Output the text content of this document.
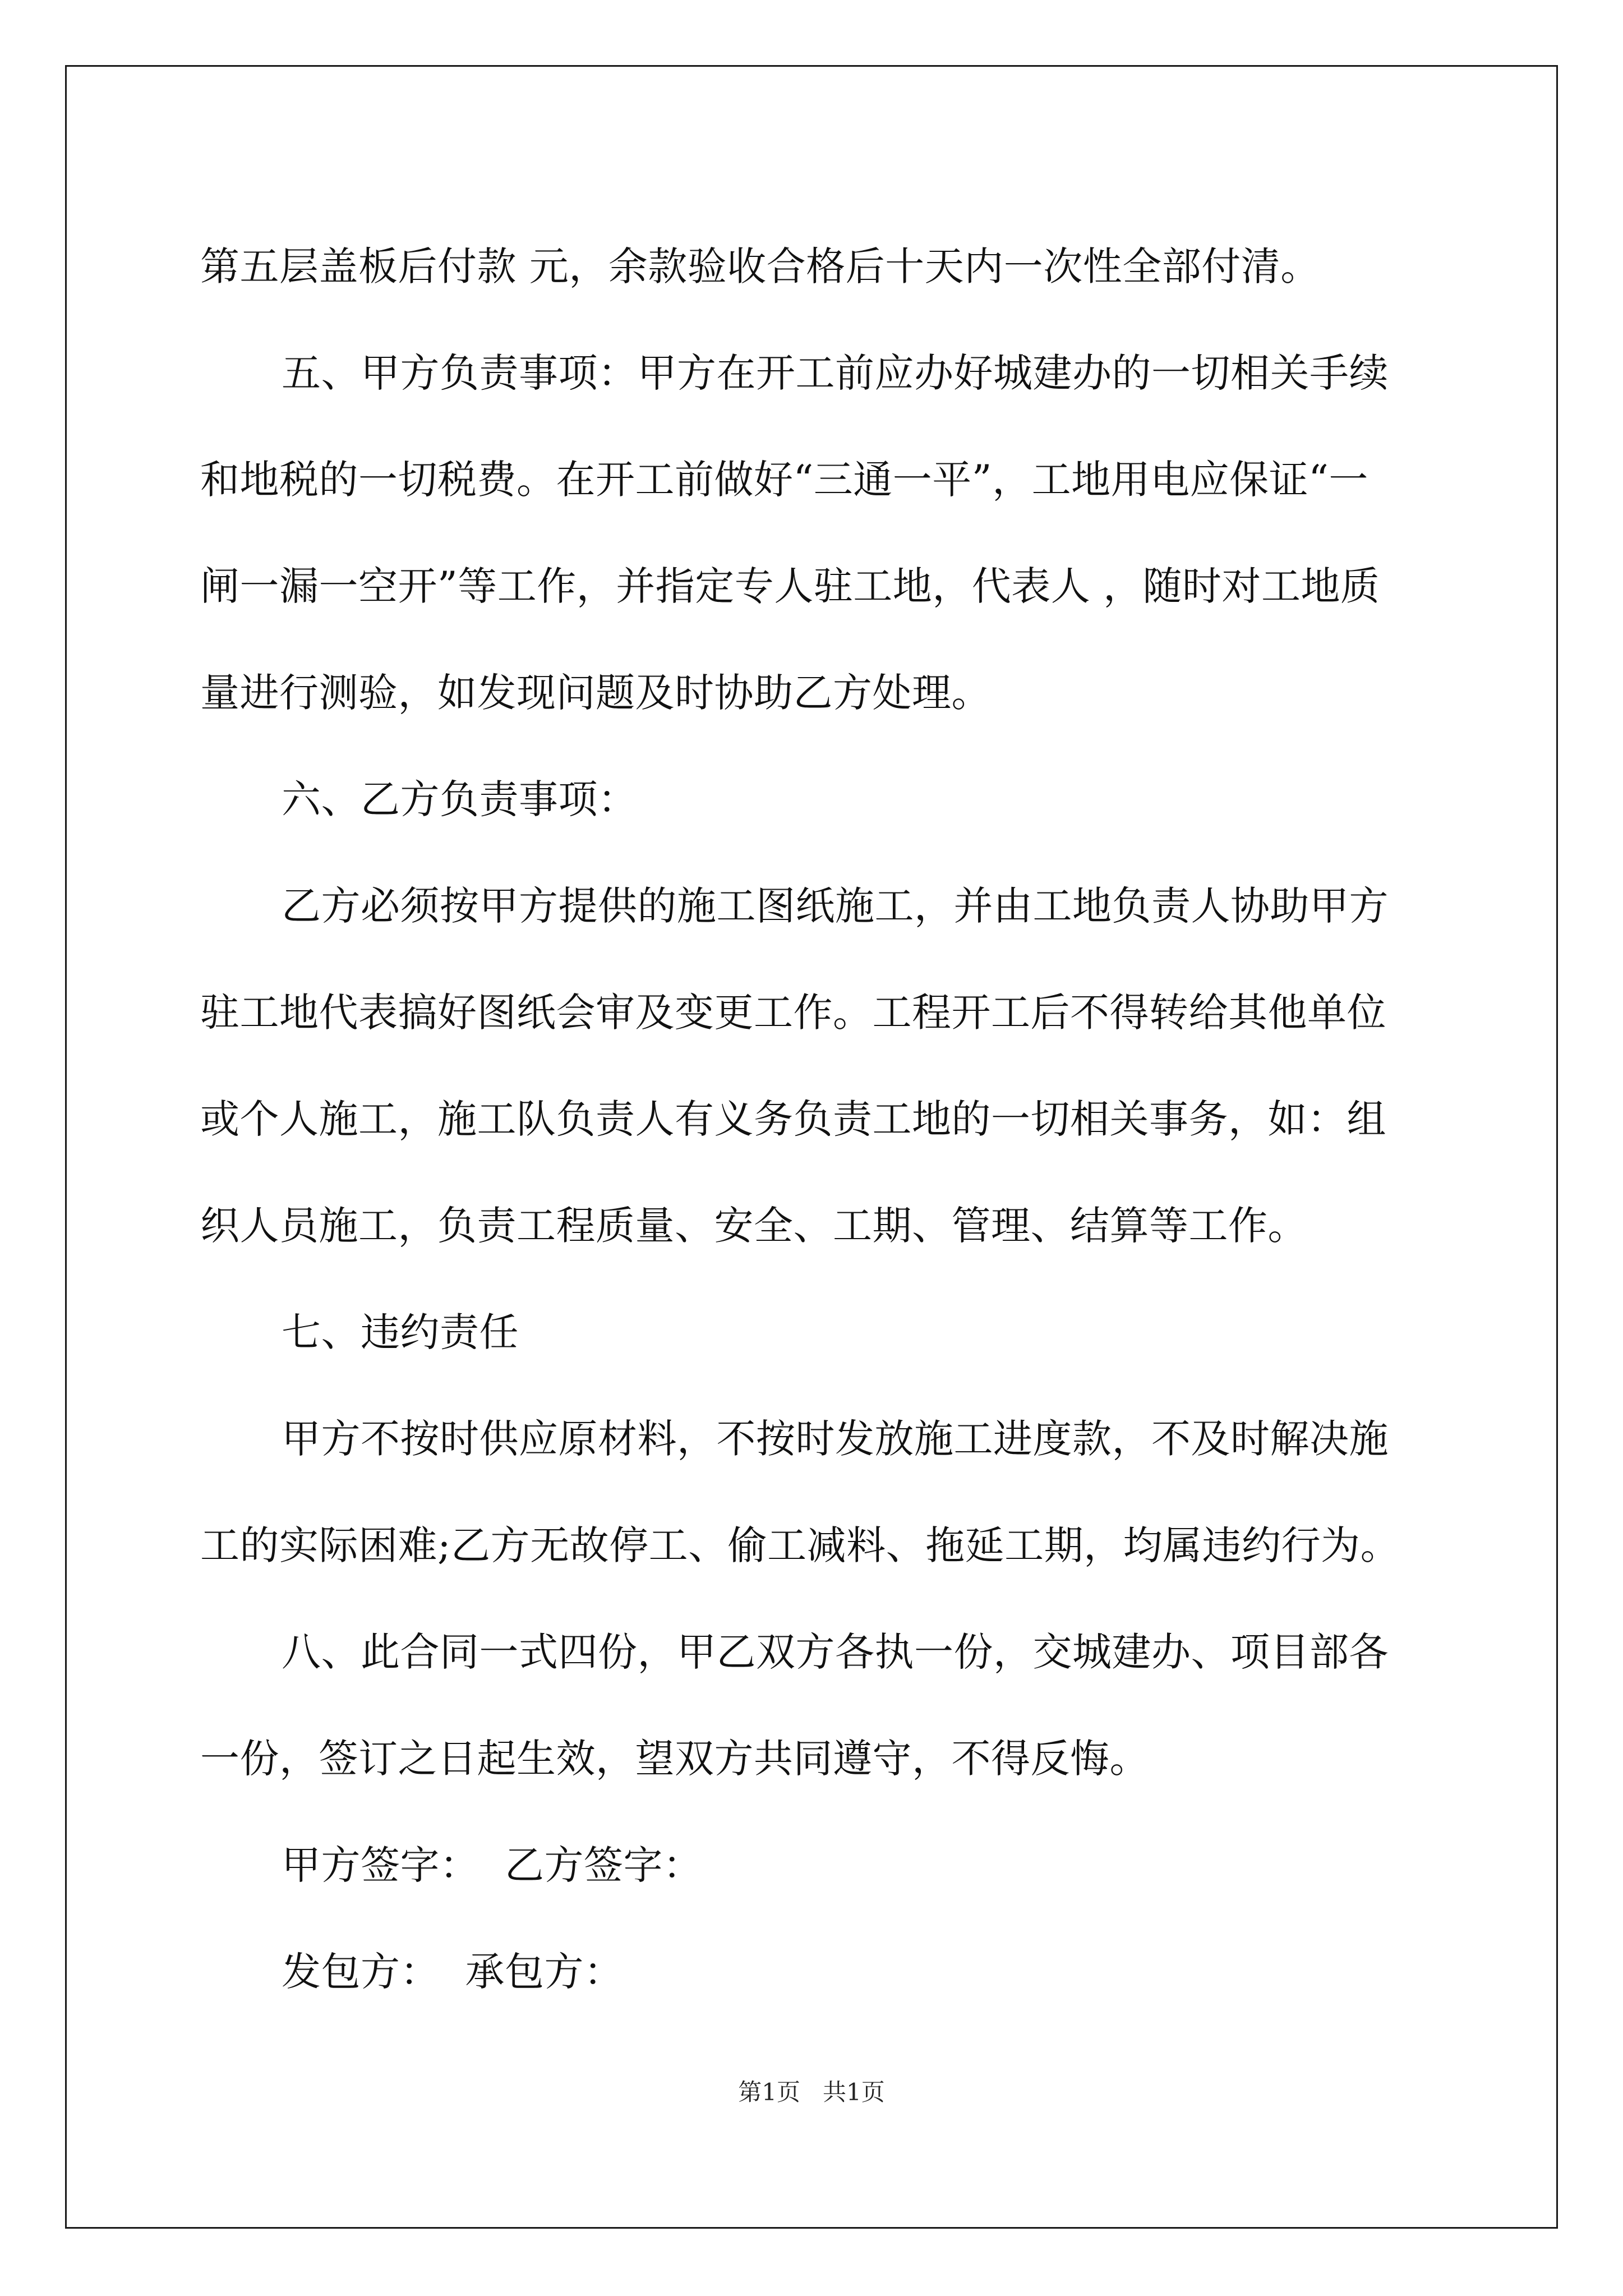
第五层盖板后付款 元，余款验收合格后十天内一次性全部付清。

五、甲方负责事项：甲方在开工前应办好城建办的一切相关手续

和地税的一切税费。在开工前做好“三通一平”，工地用电应保证“一

闸一漏一空开”等工作，并指定专人驻工地，代表人 ，随时对工地质

量进行测验，如发现问题及时协助乙方处理。

六、乙方负责事项：

乙方必须按甲方提供的施工图纸施工，并由工地负责人协助甲方

驻工地代表搞好图纸会审及变更工作。工程开工后不得转给其他单位

或个人施工，施工队负责人有义务负责工地的一切相关事务，如：组

织人员施工，负责工程质量、安全、工期、管理、结算等工作。

七、违约责任

甲方不按时供应原材料，不按时发放施工进度款，不及时解决施

工的实际困难;乙方无故停工、偷工减料、拖延工期，均属违约行为。

八、此合同一式四份，甲乙双方各执一份，交城建办、项目部各

一份，签订之日起生效，望双方共同遵守，不得反悔。

甲方签字：  乙方签字：

发包方：  承包方：

第1页   共1页
